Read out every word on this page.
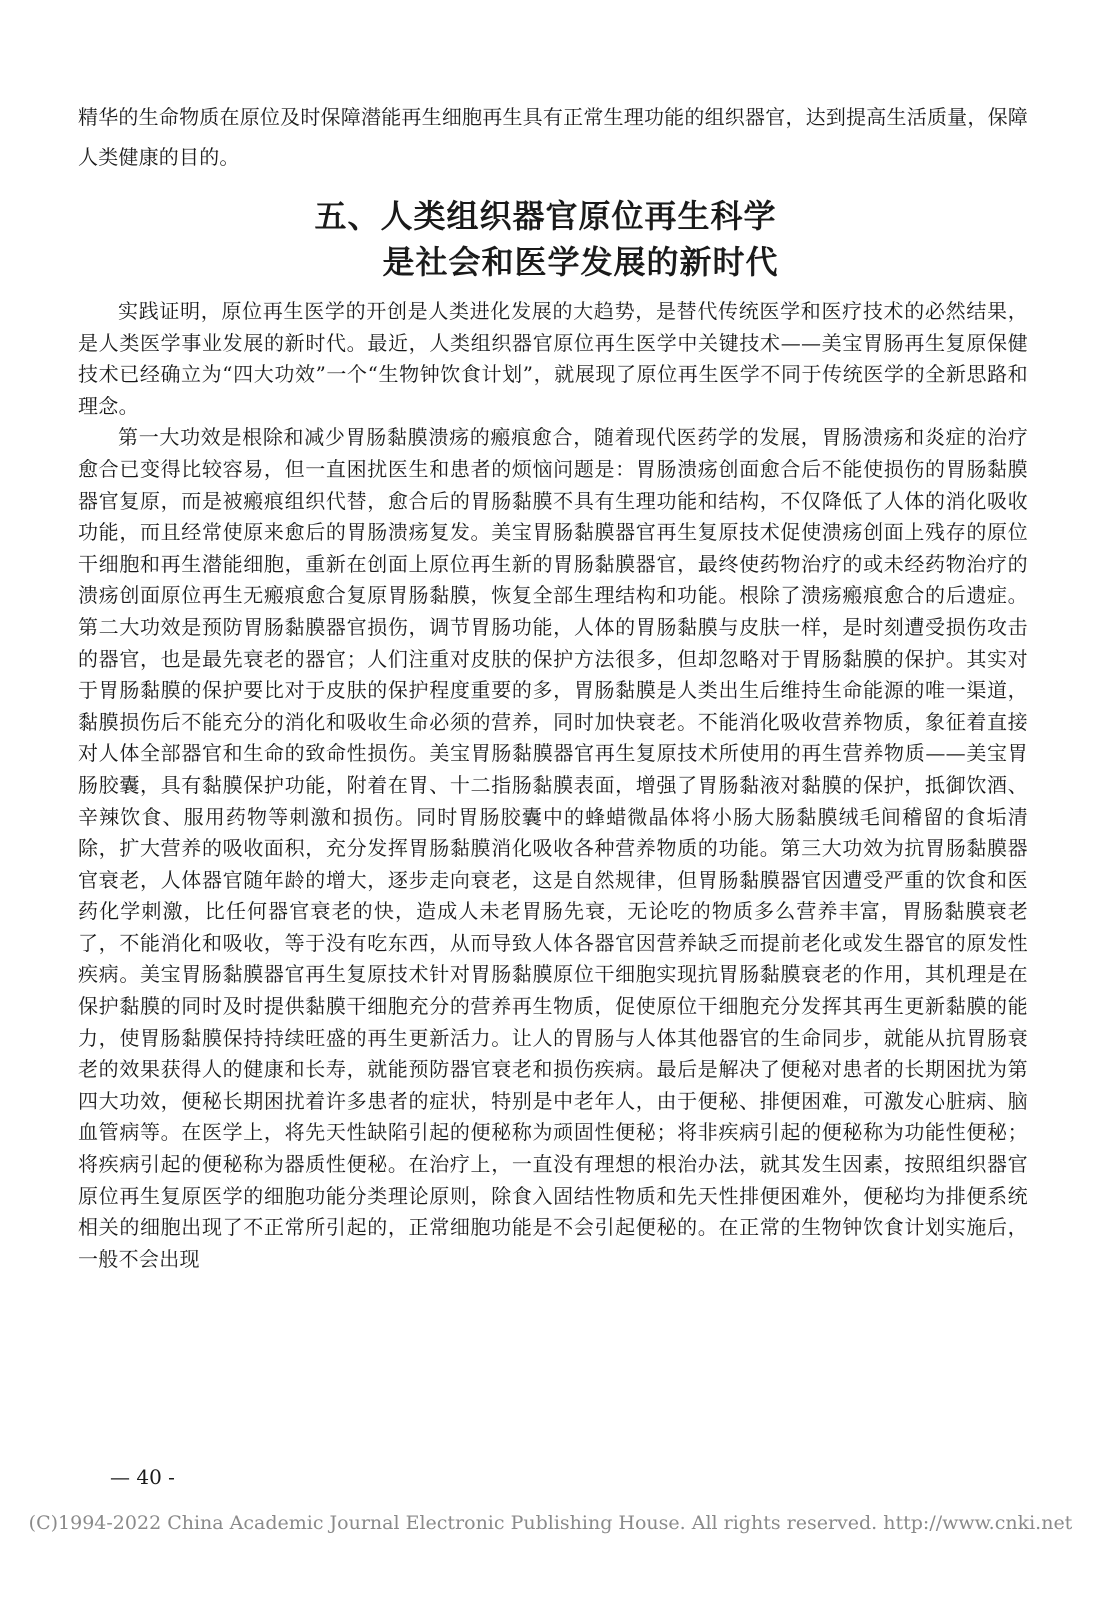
精华的生命物质在原位及时保障潜能再生细胞再生具有正常生理功能的组织器官，达到提高生活质量，保障人类健康的目的。

五、人类组织器官原位再生科学
是社会和医学发展的新时代

实践证明，原位再生医学的开创是人类进化发展的大趋势，是替代传统医学和医疗技术的必然结果，是人类医学事业发展的新时代。最近，人类组织器官原位再生医学中关键技术——美宝胃肠再生复原保健技术已经确立为“四大功效”一个“生物钟饮食计划”，就展现了原位再生医学不同于传统医学的全新思路和理念。

第一大功效是根除和减少胃肠黏膜溃疡的瘢痕愈合，随着现代医药学的发展，胃肠溃疡和炎症的治疗愈合已变得比较容易，但一直困扰医生和患者的烦恼问题是：胃肠溃疡创面愈合后不能使损伤的胃肠黏膜器官复原，而是被瘢痕组织代替，愈合后的胃肠黏膜不具有生理功能和结构，不仅降低了人体的消化吸收功能，而且经常使原来愈后的胃肠溃疡复发。美宝胃肠黏膜器官再生复原技术促使溃疡创面上残存的原位干细胞和再生潜能细胞，重新在创面上原位再生新的胃肠黏膜器官，最终使药物治疗的或未经药物治疗的溃疡创面原位再生无瘢痕愈合复原胃肠黏膜，恢复全部生理结构和功能。根除了溃疡瘢痕愈合的后遗症。第二大功效是预防胃肠黏膜器官损伤，调节胃肠功能，人体的胃肠黏膜与皮肤一样，是时刻遭受损伤攻击的器官，也是最先衰老的器官；人们注重对皮肤的保护方法很多，但却忽略对于胃肠黏膜的保护。其实对于胃肠黏膜的保护要比对于皮肤的保护程度重要的多，胃肠黏膜是人类出生后维持生命能源的唯一渠道，黏膜损伤后不能充分的消化和吸收生命必须的营养，同时加快衰老。不能消化吸收营养物质，象征着直接对人体全部器官和生命的致命性损伤。美宝胃肠黏膜器官再生复原技术所使用的再生营养物质——美宝胃肠胶囊，具有黏膜保护功能，附着在胃、十二指肠黏膜表面，增强了胃肠黏液对黏膜的保护，抵御饮酒、辛辣饮食、服用药物等刺激和损伤。同时胃肠胶囊中的蜂蜡微晶体将小肠大肠黏膜绒毛间稽留的食垢清除，扩大营养的吸收面积，充分发挥胃肠黏膜消化吸收各种营养物质的功能。第三大功效为抗胃肠黏膜器官衰老，人体器官随年龄的增大，逐步走向衰老，这是自然规律，但胃肠黏膜器官因遭受严重的饮食和医药化学刺激，比任何器官衰老的快，造成人未老胃肠先衰，无论吃的物质多么营养丰富，胃肠黏膜衰老了，不能消化和吸收，等于没有吃东西，从而导致人体各器官因营养缺乏而提前老化或发生器官的原发性疾病。美宝胃肠黏膜器官再生复原技术针对胃肠黏膜原位干细胞实现抗胃肠黏膜衰老的作用，其机理是在保护黏膜的同时及时提供黏膜干细胞充分的营养再生物质，促使原位干细胞充分发挥其再生更新黏膜的能力，使胃肠黏膜保持持续旺盛的再生更新活力。让人的胃肠与人体其他器官的生命同步，就能从抗胃肠衰老的效果获得人的健康和长寿，就能预防器官衰老和损伤疾病。最后是解决了便秘对患者的长期困扰为第四大功效，便秘长期困扰着许多患者的症状，特别是中老年人，由于便秘、排便困难，可激发心脏病、脑血管病等。在医学上，将先天性缺陷引起的便秘称为顽固性便秘；将非疾病引起的便秘称为功能性便秘；将疾病引起的便秘称为器质性便秘。在治疗上，一直没有理想的根治办法，就其发生因素，按照组织器官原位再生复原医学的细胞功能分类理论原则，除食入固结性物质和先天性排便困难外，便秘均为排便系统相关的细胞出现了不正常所引起的，正常细胞功能是不会引起便秘的。在正常的生物钟饮食计划实施后，一般不会出现

— 40 -
(C)1994-2022 China Academic Journal Electronic Publishing House. All rights reserved. http://www.cnki.net
